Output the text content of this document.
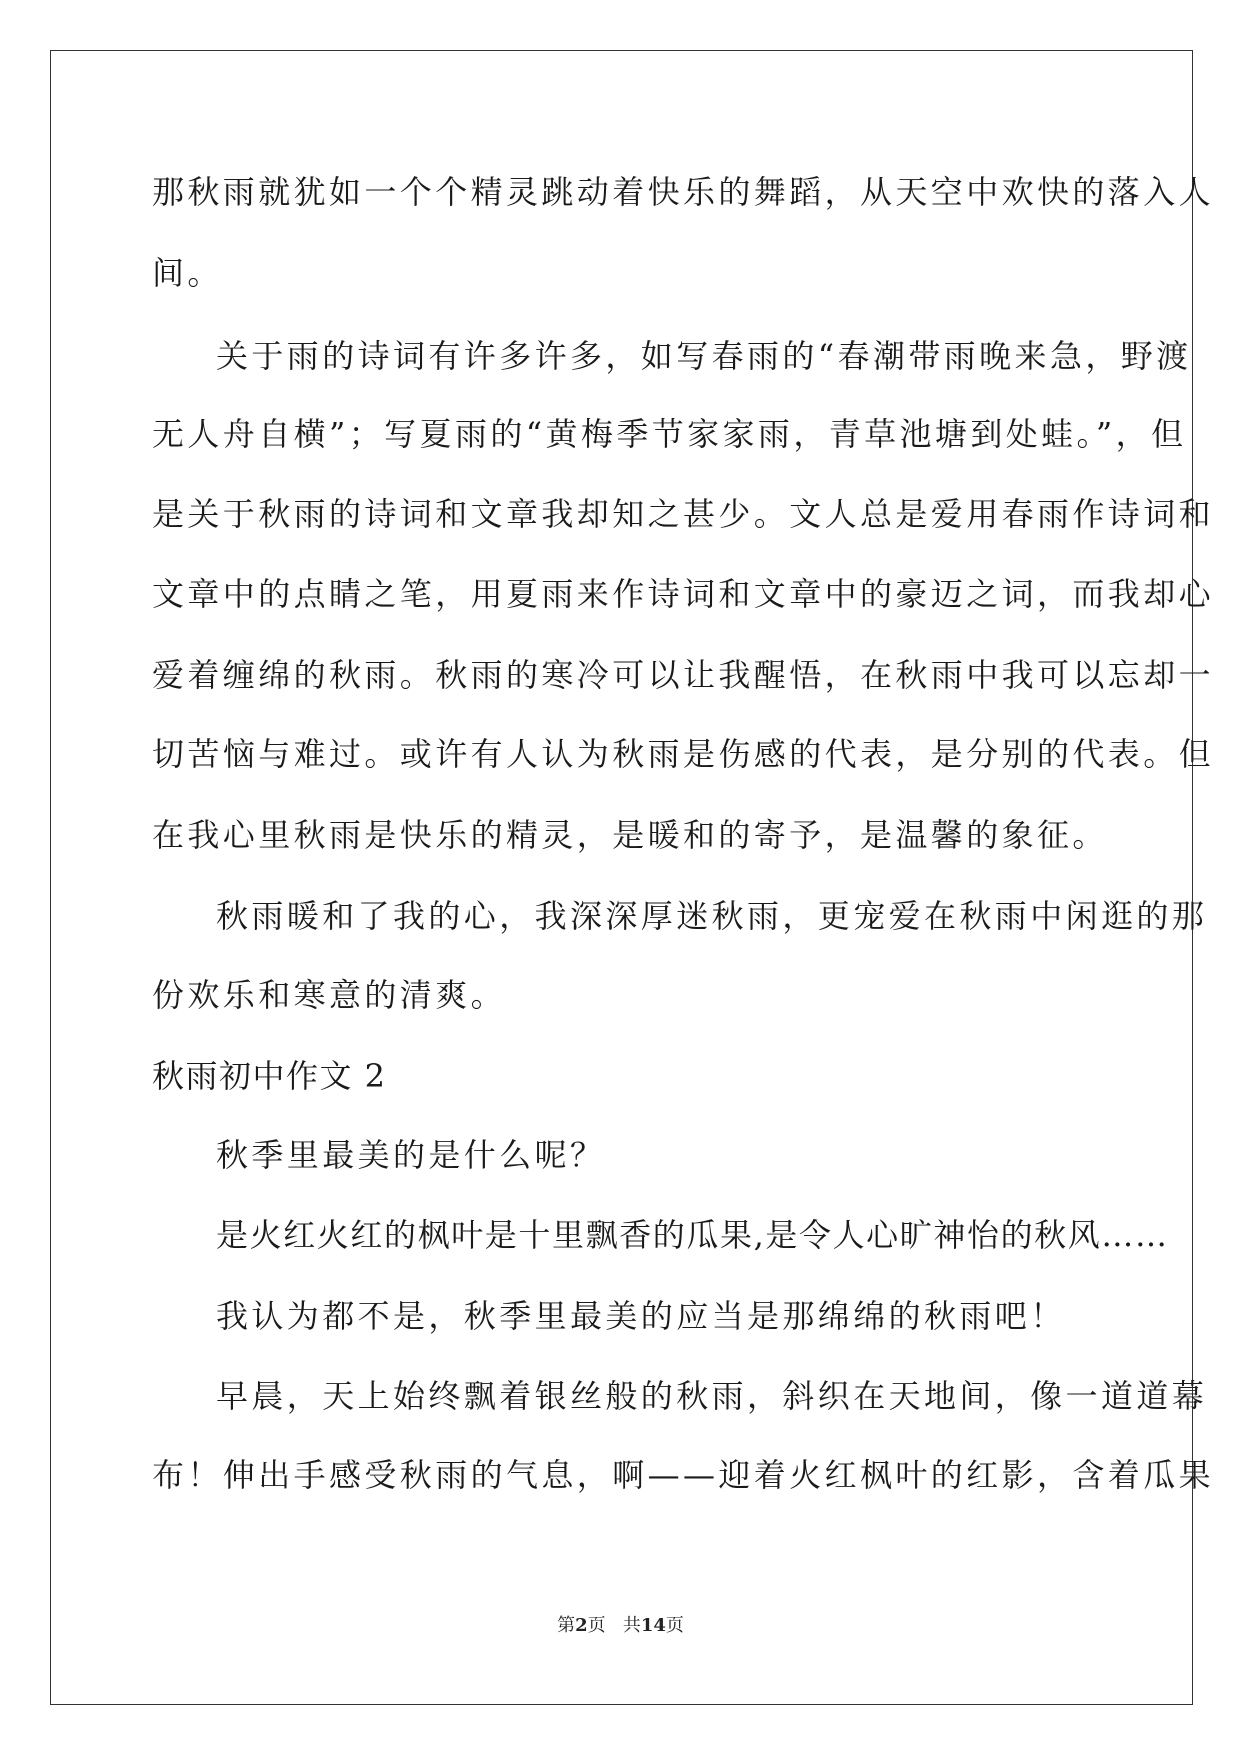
那秋雨就犹如一个个精灵跳动着快乐的舞蹈，从天空中欢快的落入人
间。
关于雨的诗词有许多许多，如写春雨的“春潮带雨晚来急，野渡
无人舟自横”；写夏雨的“黄梅季节家家雨，青草池塘到处蛙。”，但
是关于秋雨的诗词和文章我却知之甚少。文人总是爱用春雨作诗词和
文章中的点睛之笔，用夏雨来作诗词和文章中的豪迈之词，而我却心
爱着缠绵的秋雨。秋雨的寒冷可以让我醒悟，在秋雨中我可以忘却一
切苦恼与难过。或许有人认为秋雨是伤感的代表，是分别的代表。但
在我心里秋雨是快乐的精灵，是暖和的寄予，是温馨的象征。
秋雨暖和了我的心，我深深厚迷秋雨，更宠爱在秋雨中闲逛的那
份欢乐和寒意的清爽。
秋雨初中作文 2
秋季里最美的是什么呢？
是火红火红的枫叶是十里飘香的瓜果,是令人心旷神怡的秋风……
我认为都不是，秋季里最美的应当是那绵绵的秋雨吧！
早晨，天上始终飘着银丝般的秋雨，斜织在天地间，像一道道幕
布！伸出手感受秋雨的气息，啊——迎着火红枫叶的红影，含着瓜果
第2页 共14页
